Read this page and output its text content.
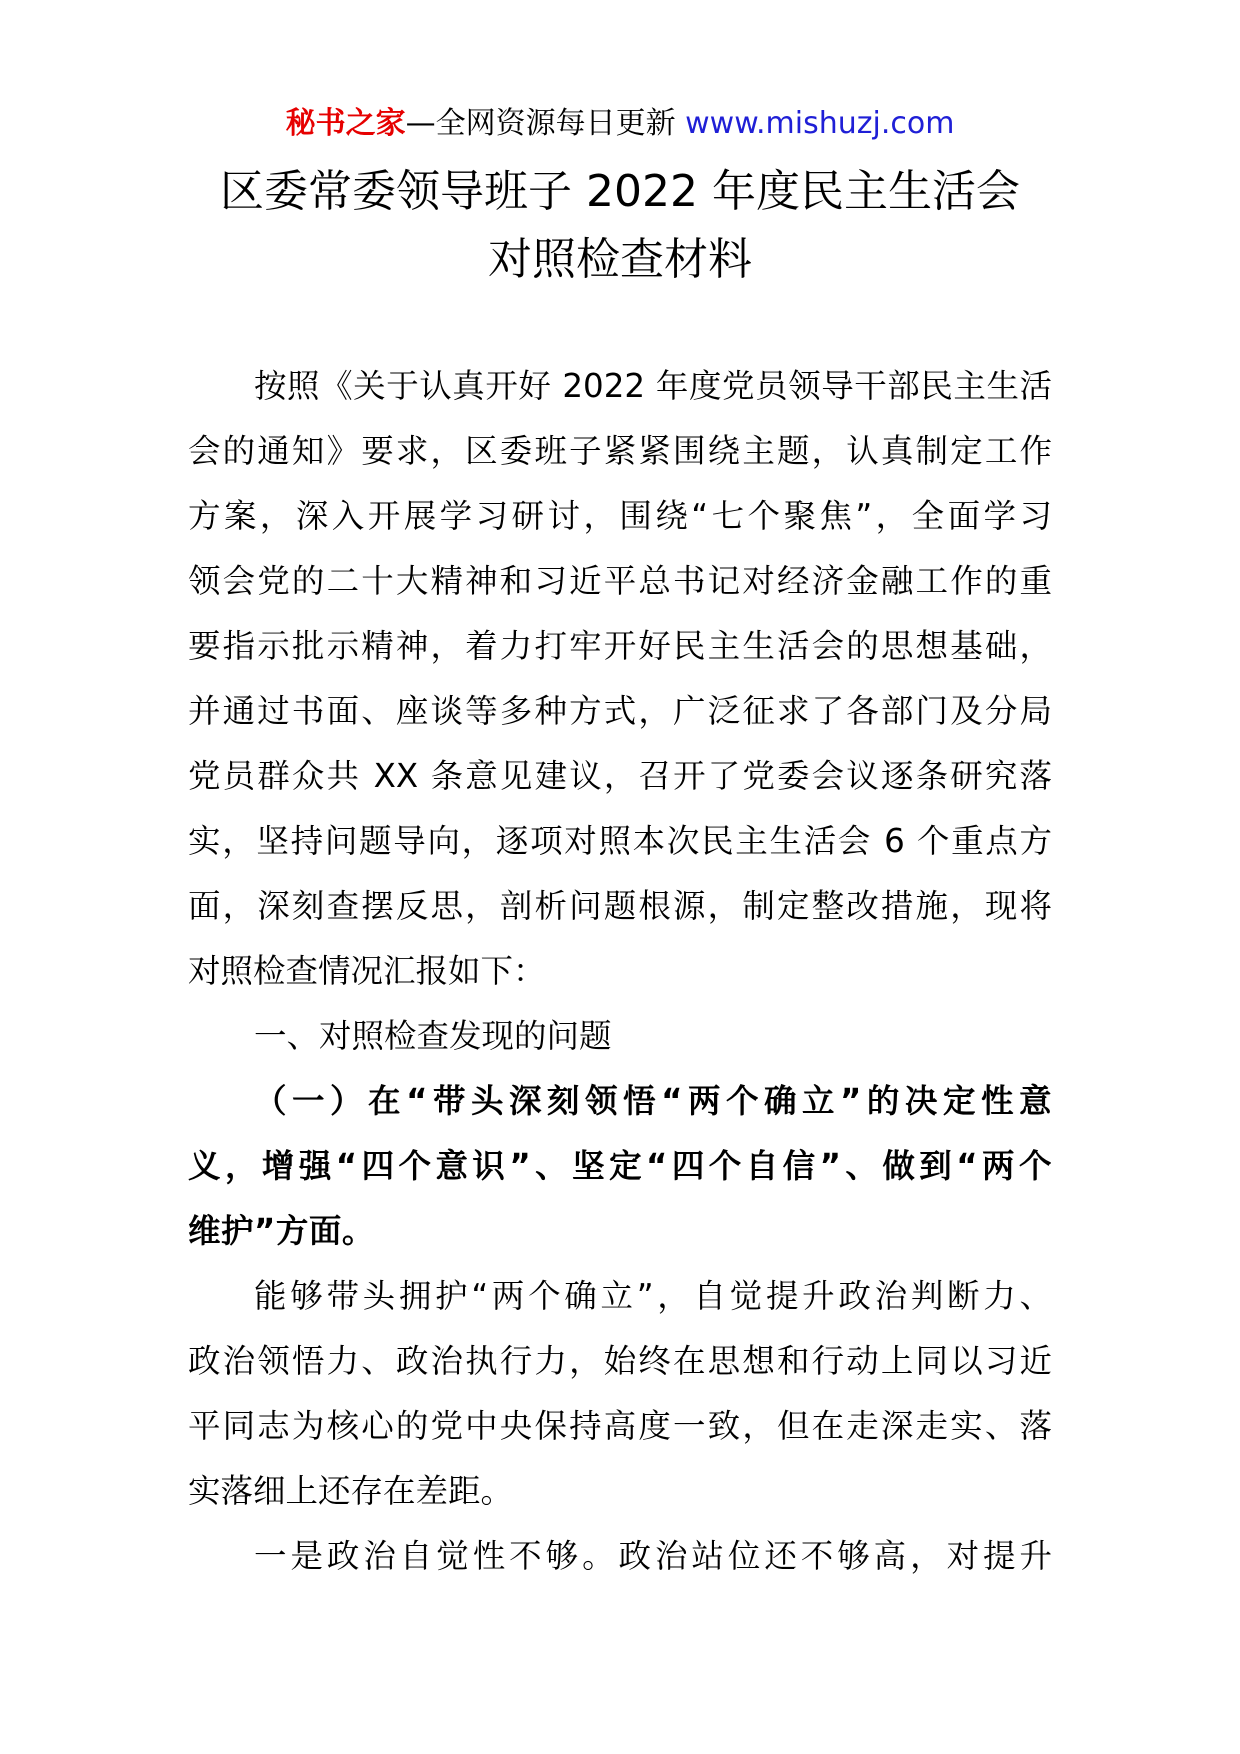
秘书之家—全网资源每日更新 www.mishuzj.com
区委常委领导班子 2022 年度民主生活会
对照检查材料
按照《关于认真开好 2022 年度党员领导干部民主生活
会的通知》要求，区委班子紧紧围绕主题，认真制定工作
方案，深入开展学习研讨，围绕“七个聚焦”，全面学习
领会党的二十大精神和习近平总书记对经济金融工作的重
要指示批示精神，着力打牢开好民主生活会的思想基础，
并通过书面、座谈等多种方式，广泛征求了各部门及分局
党员群众共 XX 条意见建议，召开了党委会议逐条研究落
实，坚持问题导向，逐项对照本次民主生活会 6 个重点方
面，深刻查摆反思，剖析问题根源，制定整改措施，现将
对照检查情况汇报如下：
一、对照检查发现的问题
（一）在“带头深刻领悟“两个确立”的决定性意
义，增强“四个意识”、坚定“四个自信”、做到“两个
维护”方面。
能够带头拥护“两个确立”，自觉提升政治判断力、
政治领悟力、政治执行力，始终在思想和行动上同以习近
平同志为核心的党中央保持高度一致，但在走深走实、落
实落细上还存在差距。
一是政治自觉性不够。政治站位还不够高，对提升
